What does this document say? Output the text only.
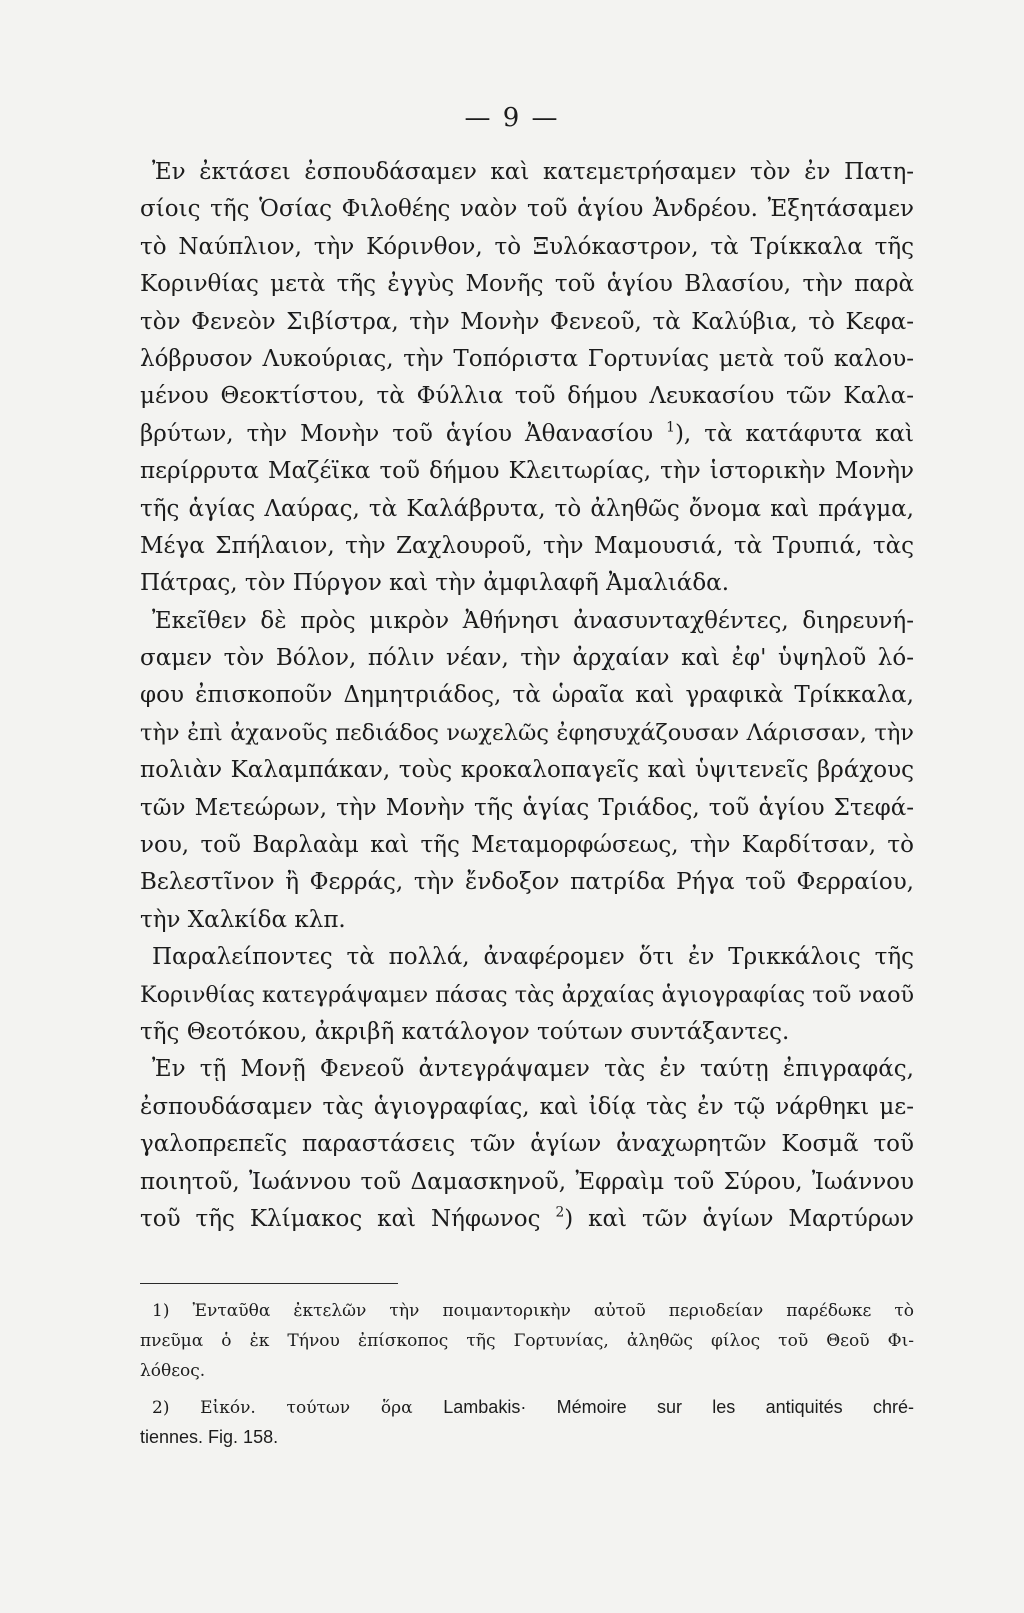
— 9 —
Ἐν ἐκτάσει ἐσπουδάσαμεν καὶ κατεμετρήσαμεν τὸν ἐν Πατη-
σίοις τῆς Ὁσίας Φιλοθέης ναὸν τοῦ ἁγίου Ἀνδρέου. Ἐξητάσαμεν
τὸ Ναύπλιον, τὴν Κόρινθον, τὸ Ξυλόκαστρον, τὰ Τρίκκαλα τῆς
Κορινθίας μετὰ τῆς ἐγγὺς Μονῆς τοῦ ἁγίου Βλασίου, τὴν παρὰ
τὸν Φενεὸν Σιβίστρα, τὴν Μονὴν Φενεοῦ, τὰ Καλύβια, τὸ Κεφα-
λόβρυσον Λυκούριας, τὴν Τοπόριστα Γορτυνίας μετὰ τοῦ καλου-
μένου Θεοκτίστου, τὰ Φύλλια τοῦ δήμου Λευκασίου τῶν Καλα-
βρύτων, τὴν Μονὴν τοῦ ἁγίου Ἀθανασίου $^1$), τὰ κατάφυτα καὶ
περίρρυτα Μαζέϊκα τοῦ δήμου Κλειτωρίας, τὴν ἱστορικὴν Μονὴν
τῆς ἁγίας Λαύρας, τὰ Καλάβρυτα, τὸ ἀληθῶς ὄνομα καὶ πράγμα,
Μέγα Σπήλαιον, τὴν Ζαχλουροῦ, τὴν Μαμουσιά, τὰ Τρυπιά, τὰς
Πάτρας, τὸν Πύργον καὶ τὴν ἀμφιλαφῆ Ἀμαλιάδα.
Ἐκεῖθεν δὲ πρὸς μικρὸν Ἀθήνησι ἀνασυνταχθέντες, διηρευνή-
σαμεν τὸν Βόλον, πόλιν νέαν, τὴν ἀρχαίαν καὶ ἐφ' ὑψηλοῦ λό-
φου ἐπισκοποῦν Δημητριάδος, τὰ ὡραῖα καὶ γραφικὰ Τρίκκαλα,
τὴν ἐπὶ ἀχανοῦς πεδιάδος νωχελῶς ἐφησυχάζουσαν Λάρισσαν, τὴν
πολιὰν Καλαμπάκαν, τοὺς κροκαλοπαγεῖς καὶ ὑψιτενεῖς βράχους
τῶν Μετεώρων, τὴν Μονὴν τῆς ἁγίας Τριάδος, τοῦ ἁγίου Στεφά-
νου, τοῦ Βαρλαὰμ καὶ τῆς Μεταμορφώσεως, τὴν Καρδίτσαν, τὸ
Βελεστῖνον ἢ Φερράς, τὴν ἔνδοξον πατρίδα Ρήγα τοῦ Φερραίου,
τὴν Χαλκίδα κλπ.
Παραλείποντες τὰ πολλά, ἀναφέρομεν ὅτι ἐν Τρικκάλοις τῆς
Κορινθίας κατεγράψαμεν πάσας τὰς ἀρχαίας ἁγιογραφίας τοῦ ναοῦ
τῆς Θεοτόκου, ἀκριβῆ κατάλογον τούτων συντάξαντες.
Ἐν τῇ Μονῇ Φενεοῦ ἀντεγράψαμεν τὰς ἐν ταύτῃ ἐπιγραφάς,
ἐσπουδάσαμεν τὰς ἁγιογραφίας, καὶ ἰδίᾳ τὰς ἐν τῷ νάρθηκι με-
γαλοπρεπεῖς παραστάσεις τῶν ἁγίων ἀναχωρητῶν Κοσμᾶ τοῦ
ποιητοῦ, Ἰωάννου τοῦ Δαμασκηνοῦ, Ἐφραὶμ τοῦ Σύρου, Ἰωάννου
τοῦ τῆς Κλίμακος καὶ Νήφωνος $^2$) καὶ τῶν ἁγίων Μαρτύρων
1) Ἐνταῦθα ἐκτελῶν τὴν ποιμαντορικὴν αὐτοῦ περιοδείαν παρέδωκε τὸ
πνεῦμα ὁ ἐκ Τήνου ἐπίσκοπος τῆς Γορτυνίας, ἀληθῶς φίλος τοῦ Θεοῦ Φι-
λόθεος.
2) Εἰκόν. τούτων ὅρα Lambakis· Mémoire sur les antiquités chré-
tiennes. Fig. 158.
